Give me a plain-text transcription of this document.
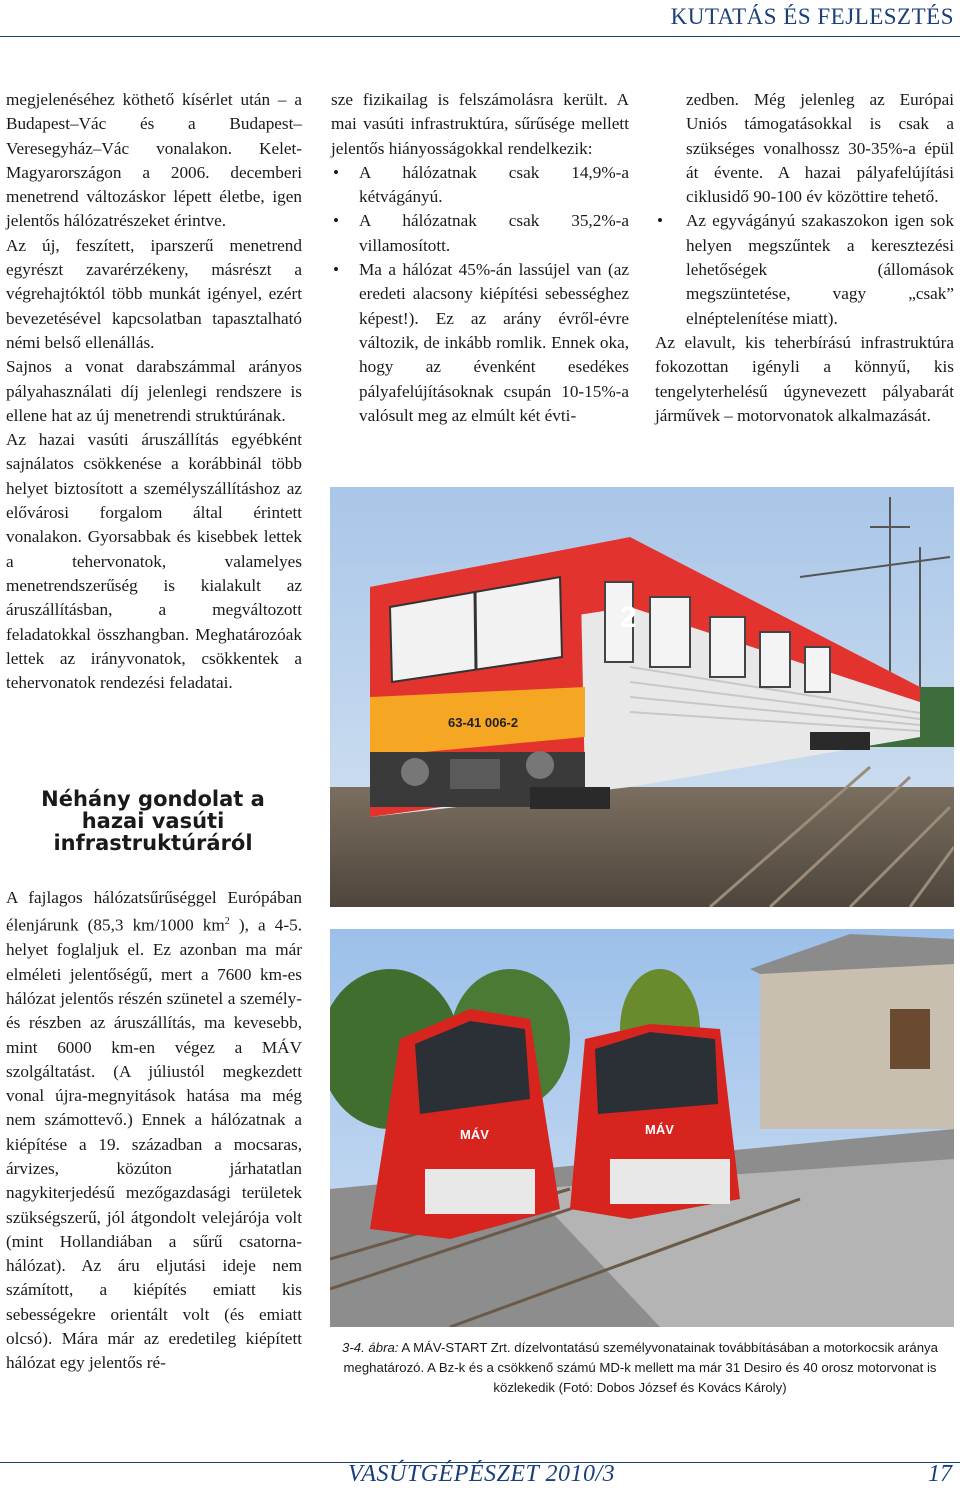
KUTATÁS ÉS FEJLESZTÉS

megjelenéséhez köthető kísérlet után – a Budapest–Vác és a Budapest–Veresegyház–Vác vonalakon. Kelet-Magyarországon a 2006. decemberi menetrend változáskor lépett életbe, igen jelentős hálózatrészeket érintve.

Az új, feszített, iparszerű menetrend egyrészt zavarérzékeny, másrészt a végrehajtóktól több munkát igényel, ezért bevezetésével kapcsolatban tapasztalható némi belső ellenállás.

Sajnos a vonat darabszámmal arányos pályahasználati díj jelenlegi rendszere is ellene hat az új menetrendi struktúrának.

Az hazai vasúti áruszállítás egyébként sajnálatos csökkenése a korábbinál több helyet biztosított a személyszállításhoz az elővárosi forgalom által érintett vonalakon. Gyorsabbak és kisebbek lettek a tehervonatok, valamelyes menetrendszerűség is kialakult az áruszállításban, a megváltozott feladatokkal összhangban. Meghatározóak lettek az irányvonatok, csökkentek a tehervonatok rendezési feladatai.

Néhány gondolat a hazai vasúti infrastruktúráról

A fajlagos hálózatsűrűséggel Európában élenjárunk (85,3 km/1000 $km^2$ ), a 4-5. helyet foglaljuk el. Ez azonban ma már elméleti jelentőségű, mert a 7600 km-es hálózat jelentős részén szünetel a személy- és részben az áruszállítás, ma kevesebb, mint 6000 km-en végez a MÁV szolgáltatást. (A júliustól megkezdett vonal újra-megnyitások hatása ma még nem számottevő.) Ennek a hálózatnak a kiépítése a 19. században a mocsaras, árvizes, közúton járhatatlan nagykiterjedésű mezőgazdasági területek szükségszerű, jól átgondolt velejárója volt (mint Hollandiában a sűrű csatorna-hálózat). Az áru eljutási ideje nem számított, a kiépítés emiatt kis sebességekre orientált volt (és emiatt olcsó). Mára már az eredetileg kiépített hálózat egy jelentős ré-

sze fizikailag is felszámolásra került. A mai vasúti infrastruktúra, sűrűsége mellett jelentős hiányosságokkal rendelkezik:

• A hálózatnak csak 14,9%-a kétvágányú.
• A hálózatnak csak 35,2%-a villamosított.
• Ma a hálózat 45%-án lassújel van (az eredeti alacsony kiépítési sebességhez képest!). Ez az arány évről-évre változik, de inkább romlik. Ennek oka, hogy az évenként esedékes pályafelújításoknak csupán 10-15%-a valósult meg az elmúlt két évti-

zedben. Még jelenleg az Európai Uniós támogatásokkal is csak a szükséges vonalhossz 30-35%-a épül át évente. A hazai pályafelújítási ciklusidő 90-100 év közöttire tehető.

• Az egyvágányú szakaszokon igen sok helyen megszűntek a keresztezési lehetőségek (állomások megszüntetése, vagy „csak” elnéptelenítése miatt).

Az elavult, kis teherbírású infrastruktúra fokozottan igényli a könnyű, kis tengelyterhelésű úgynevezett pályabarát járművek – motorvonatok alkalmazását.

2
63-41 006-2
MÁV	MÁV
3-4. ábra: A MÁV-START Zrt. dízelvontatású személyvonatainak továbbításában a motorkocsik aránya meghatározó. A Bz-k és a csökkenő számú MD-k mellett ma már 31 Desiro és 40 orosz motorvonat is közlekedik (Fotó: Dobos József és Kovács Károly)
VASÚTGÉPÉSZET 2010/3	17
